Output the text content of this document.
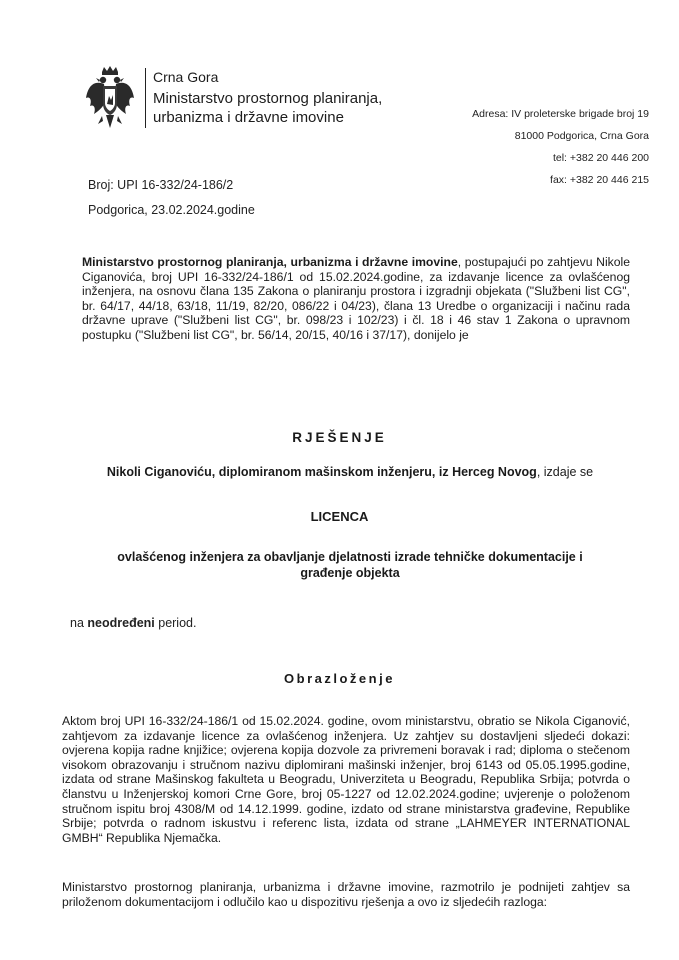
Crna Gora
Ministarstvo prostornog planiranja,
urbanizma i državne imovine	Adresa: IV proleterske brigade broj 19
81000 Podgorica, Crna Gora
tel: +382 20 446 200
fax: +382 20 446 215
Broj: UPI 16-332/24-186/2
Podgorica, 23.02.2024.godine
Ministarstvo prostornog planiranja, urbanizma i državne imovine, postupajući po zahtjevu Nikole Ciganovića, broj UPI 16-332/24-186/1 od 15.02.2024.godine, za izdavanje licence za ovlašćenog inženjera, na osnovu člana 135 Zakona o planiranju prostora i izgradnji objekata ("Službeni list CG", br. 64/17, 44/18, 63/18, 11/19, 82/20, 086/22 i 04/23), člana 13 Uredbe o organizaciji i načinu rada državne uprave ("Službeni list CG", br. 098/23 i 102/23) i čl. 18 i 46 stav 1 Zakona o upravnom postupku ("Službeni list CG", br. 56/14, 20/15, 40/16 i 37/17), donijelo je
RJEŠENJE
Nikoli Ciganoviću, diplomiranom mašinskom inženjeru, iz Herceg Novog, izdaje se
LICENCA
ovlašćenog inženjera za obavljanje djelatnosti izrade tehničke dokumentacije i
građenje objekta
na neodređeni period.
Obrazloženje
Aktom broj UPI 16-332/24-186/1 od 15.02.2024. godine, ovom ministarstvu, obratio se Nikola Ciganović, zahtjevom za izdavanje licence za ovlašćenog inženjera. Uz zahtjev su dostavljeni sljedeći dokazi: ovjerena kopija radne knjižice; ovjerena kopija dozvole za privremeni boravak i rad; diploma o stečenom visokom obrazovanju i stručnom nazivu diplomirani mašinski inženjer, broj 6143 od 05.05.1995.godine, izdata od strane Mašinskog fakulteta u Beogradu, Univerziteta u Beogradu, Republika Srbija; potvrda o članstvu u Inženjerskoj komori Crne Gore, broj 05-1227 od 12.02.2024.godine; uvjerenje o položenom stručnom ispitu broj 4308/M od 14.12.1999. godine, izdato od strane ministarstva građevine, Republike Srbije; potvrda o radnom iskustvu i referenc lista, izdata od strane „LAHMEYER INTERNATIONAL GMBH“ Republika Njemačka.
Ministarstvo prostornog planiranja, urbanizma i državne imovine, razmotrilo je podnijeti zahtjev sa priloženom dokumentacijom i odlučilo kao u dispozitivu rješenja a ovo iz sljedećih razloga:
